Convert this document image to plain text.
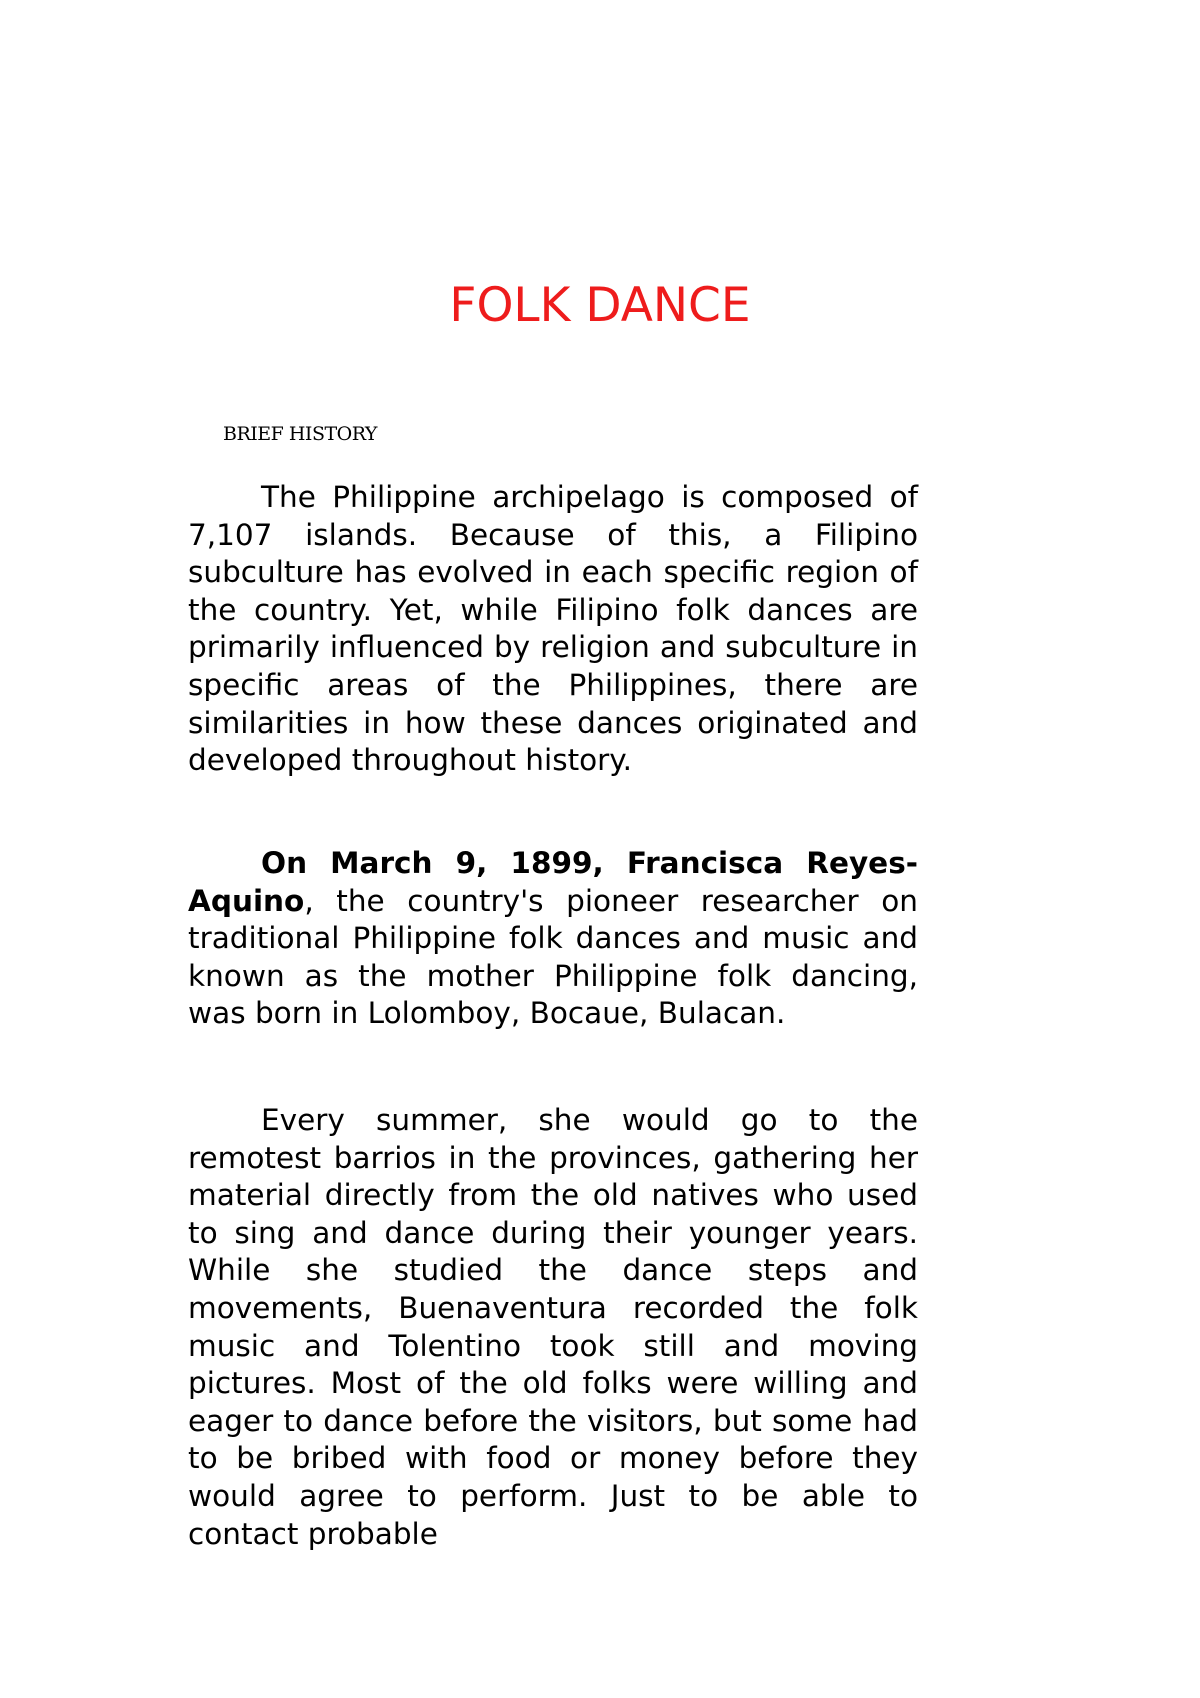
FOLK DANCE
BRIEF HISTORY

The Philippine archipelago is composed of 7,107 islands. Because of this, a Filipino subculture has evolved in each specific region of the country. Yet, while Filipino folk dances are primarily influenced by religion and subculture in specific areas of the Philippines, there are similarities in how these dances originated and developed throughout history.

On March 9, 1899, Francisca Reyes-Aquino, the country's pioneer researcher on traditional Philippine folk dances and music and known as the mother Philippine folk dancing, was born in Lolomboy, Bocaue, Bulacan.

Every summer, she would go to the remotest barrios in the provinces, gathering her material directly from the old natives who used to sing and dance during their younger years. While she studied the dance steps and movements, Buenaventura recorded the folk music and Tolentino took still and moving pictures. Most of the old folks were willing and eager to dance before the visitors, but some had to be bribed with food or money before they would agree to perform. Just to be able to contact probable
